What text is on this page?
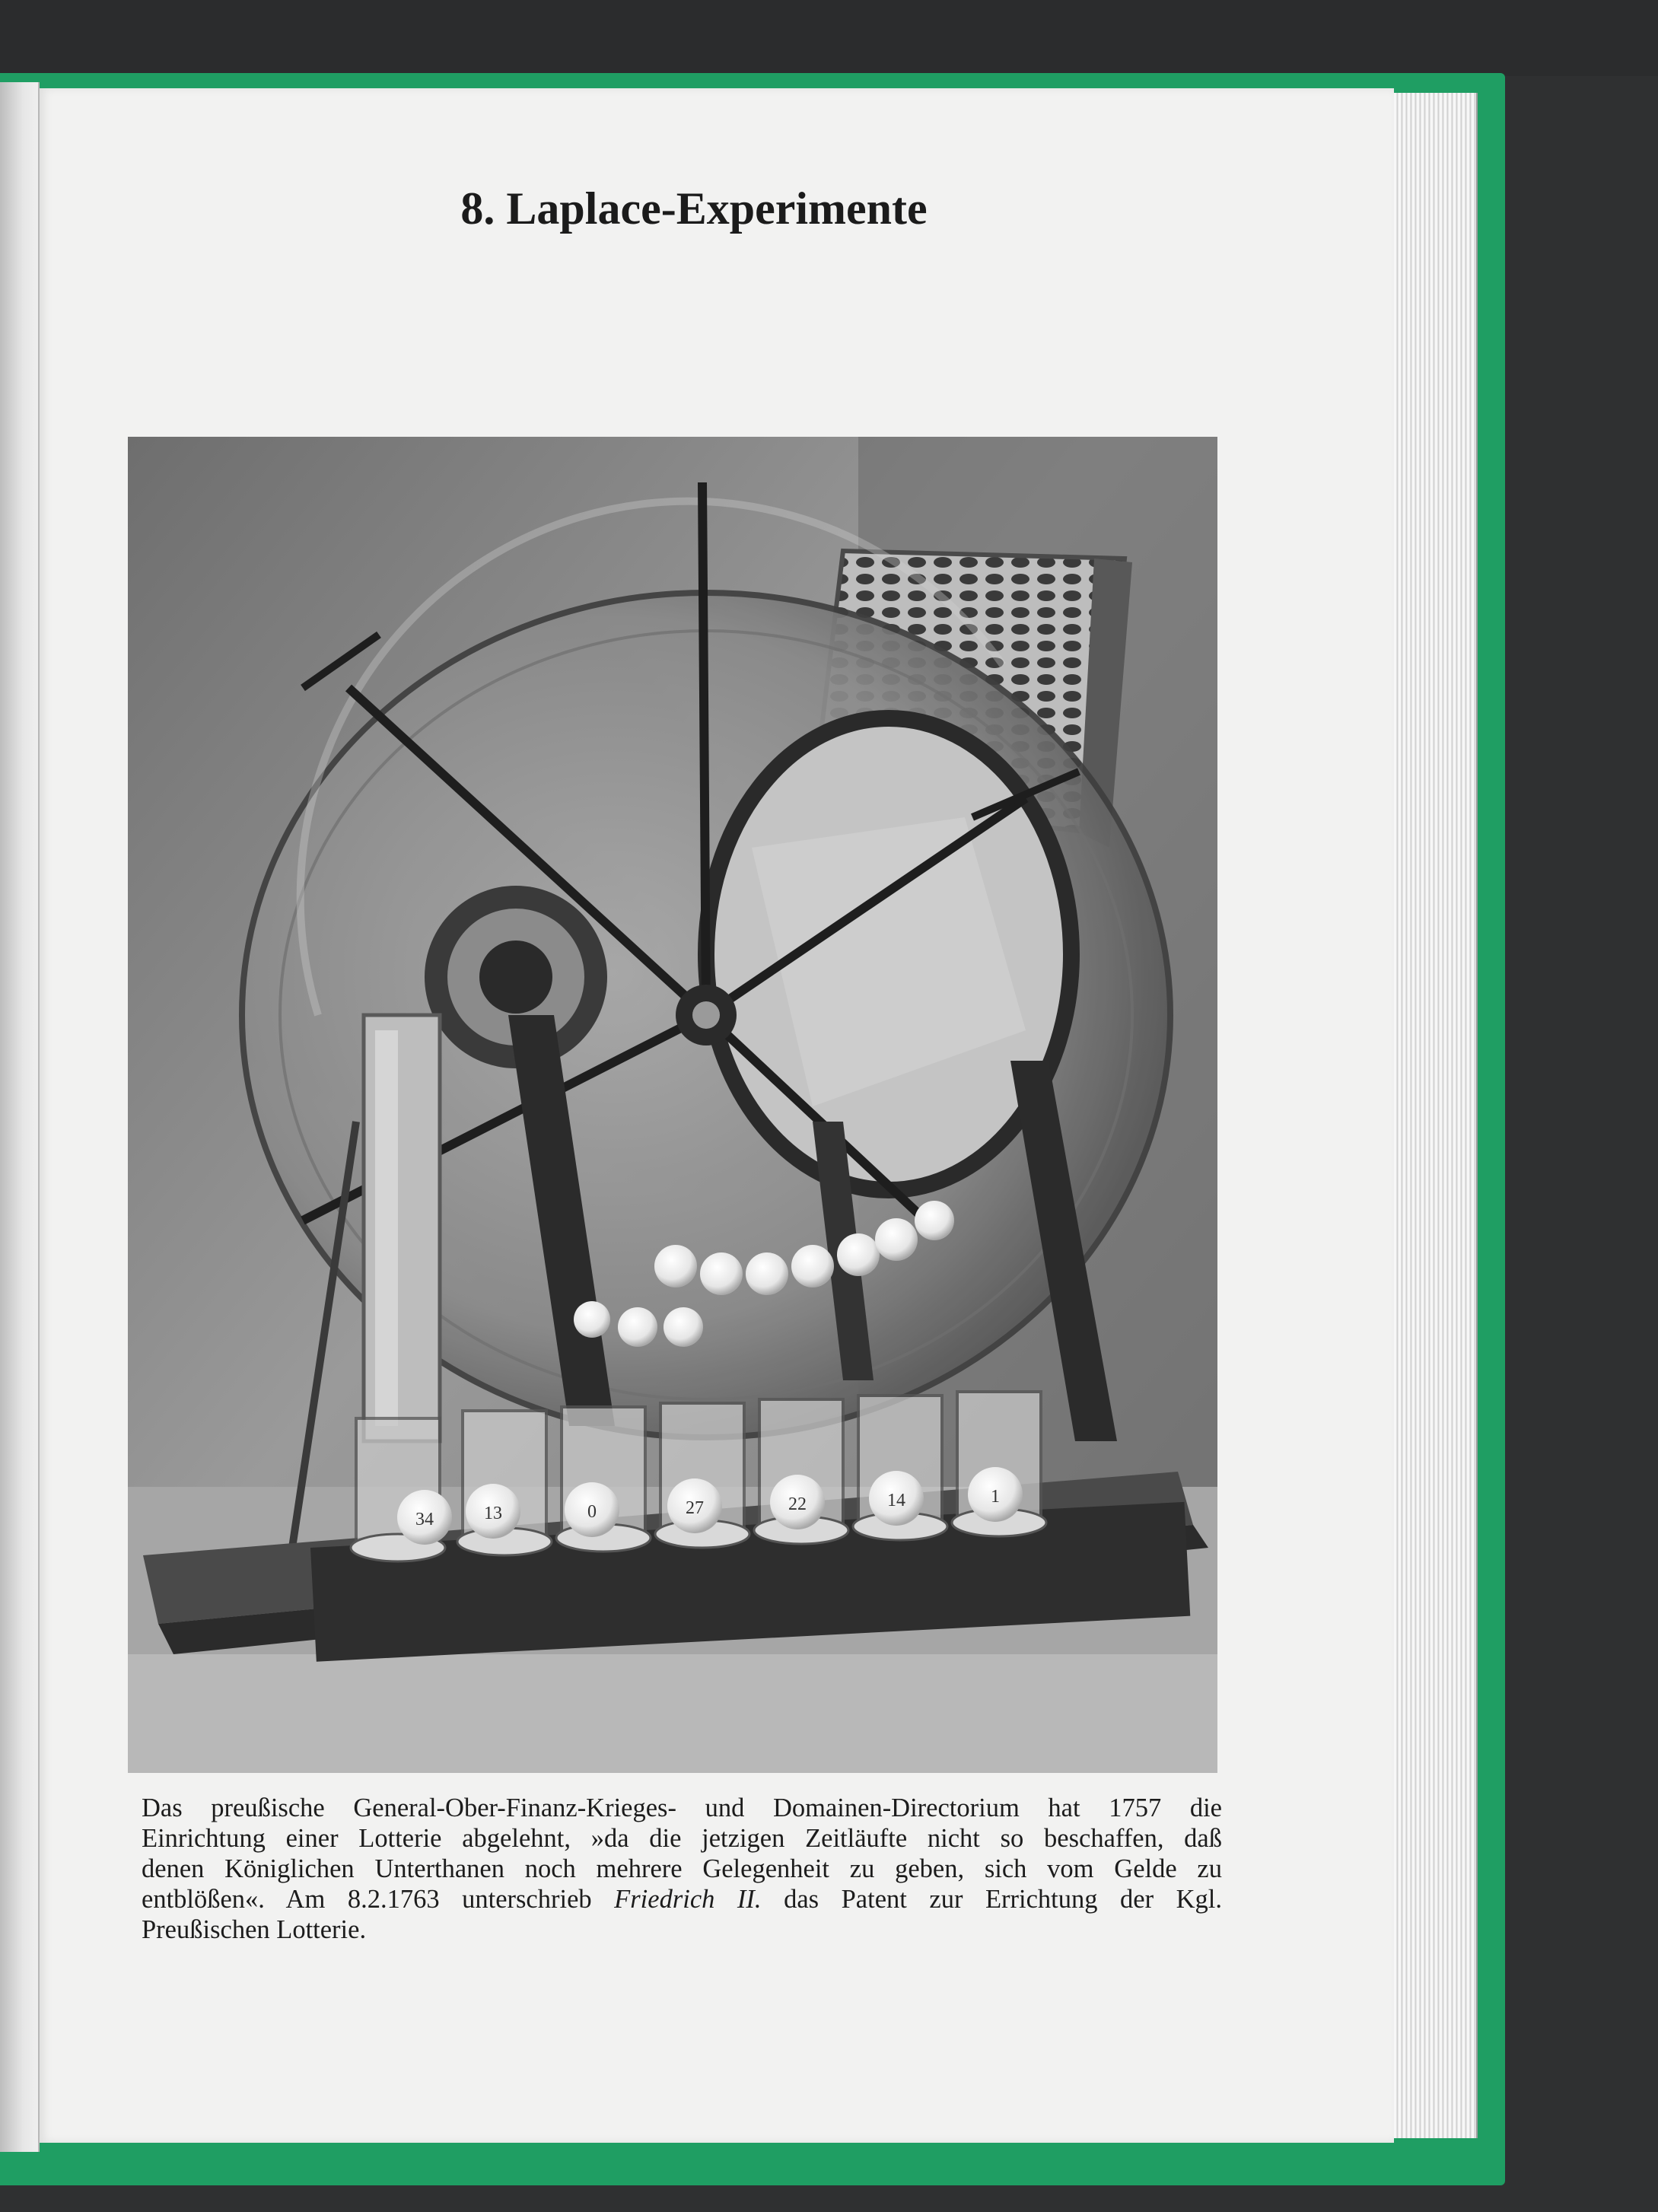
8. Laplace-Experimente
34	13	0	27	22	14	1

Das preußische General-Ober-Finanz-Krieges- und Domainen-Directorium hat 1757 die

Einrichtung einer Lotterie abgelehnt, »da die jetzigen Zeitläufte nicht so beschaffen, daß

denen Königlichen Unterthanen noch mehrere Gelegenheit zu geben, sich vom Gelde zu

entblößen«. Am 8.2.1763 unterschrieb Friedrich II. das Patent zur Errichtung der Kgl.

Preußischen Lotterie.
